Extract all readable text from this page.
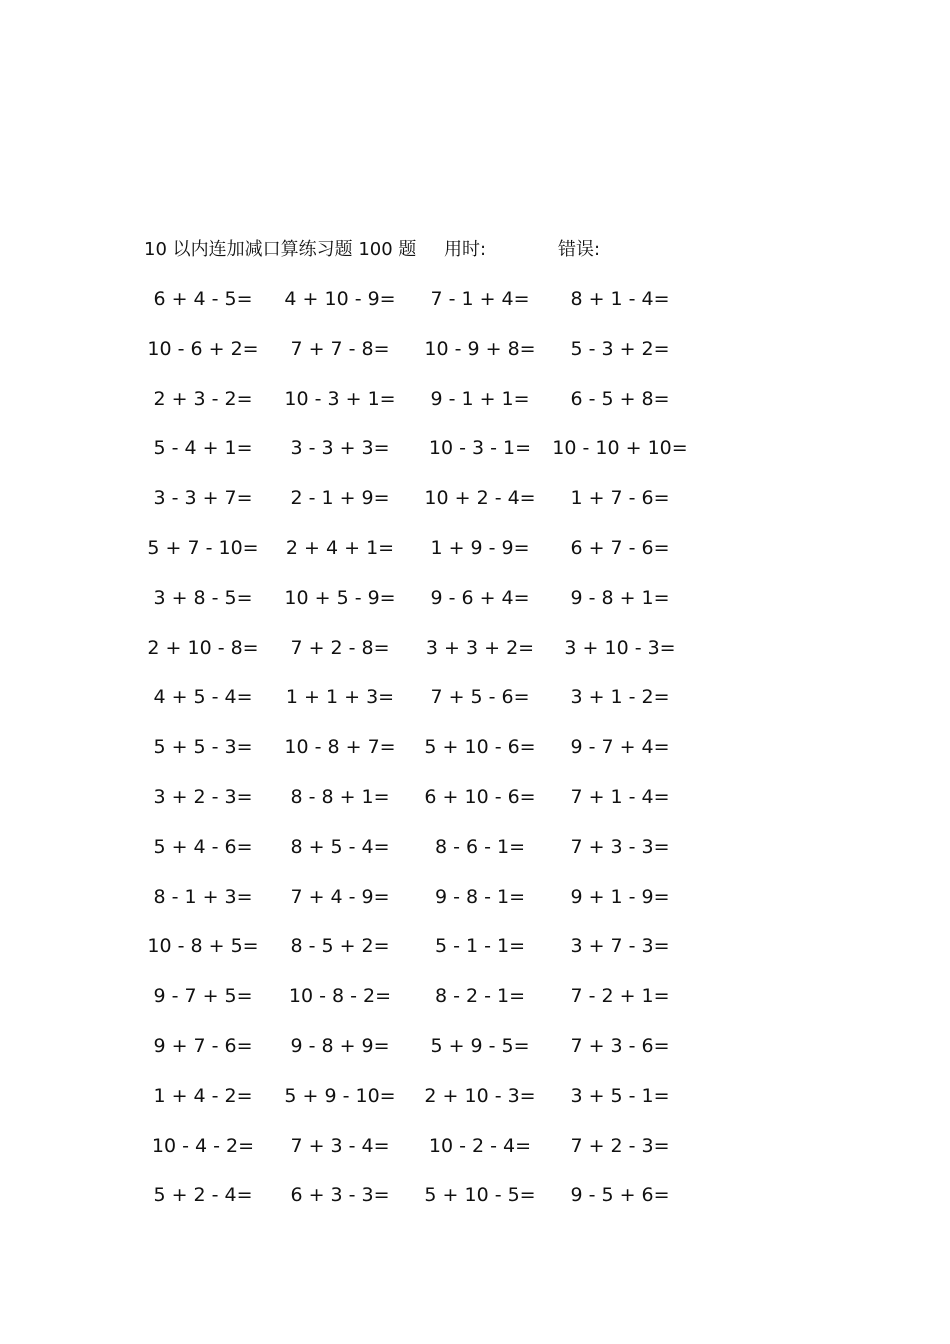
10 以内连加减口算练习题 100 题 用时:	错误:
6 + 4 - 5= 4 + 10 - 9= 7 - 1 + 4= 8 + 1 - 4=
10 - 6 + 2= 7 + 7 - 8= 10 - 9 + 8= 5 - 3 + 2=
2 + 3 - 2= 10 - 3 + 1= 9 - 1 + 1= 6 - 5 + 8=
5 - 4 + 1= 3 - 3 + 3= 10 - 3 - 1= 10 - 10 + 10=
3 - 3 + 7= 2 - 1 + 9= 10 + 2 - 4= 1 + 7 - 6=
5 + 7 - 10= 2 + 4 + 1= 1 + 9 - 9= 6 + 7 - 6=
3 + 8 - 5= 10 + 5 - 9= 9 - 6 + 4= 9 - 8 + 1=
2 + 10 - 8= 7 + 2 - 8= 3 + 3 + 2= 3 + 10 - 3=
4 + 5 - 4= 1 + 1 + 3= 7 + 5 - 6= 3 + 1 - 2=
5 + 5 - 3= 10 - 8 + 7= 5 + 10 - 6= 9 - 7 + 4=
3 + 2 - 3= 8 - 8 + 1= 6 + 10 - 6= 7 + 1 - 4=
5 + 4 - 6= 8 + 5 - 4= 8 - 6 - 1= 7 + 3 - 3=
8 - 1 + 3= 7 + 4 - 9= 9 - 8 - 1= 9 + 1 - 9=
10 - 8 + 5= 8 - 5 + 2= 5 - 1 - 1= 3 + 7 - 3=
9 - 7 + 5= 10 - 8 - 2= 8 - 2 - 1= 7 - 2 + 1=
9 + 7 - 6= 9 - 8 + 9= 5 + 9 - 5= 7 + 3 - 6=
1 + 4 - 2= 5 + 9 - 10= 2 + 10 - 3= 3 + 5 - 1=
10 - 4 - 2= 7 + 3 - 4= 10 - 2 - 4= 7 + 2 - 3=
5 + 2 - 4= 6 + 3 - 3= 5 + 10 - 5= 9 - 5 + 6=
